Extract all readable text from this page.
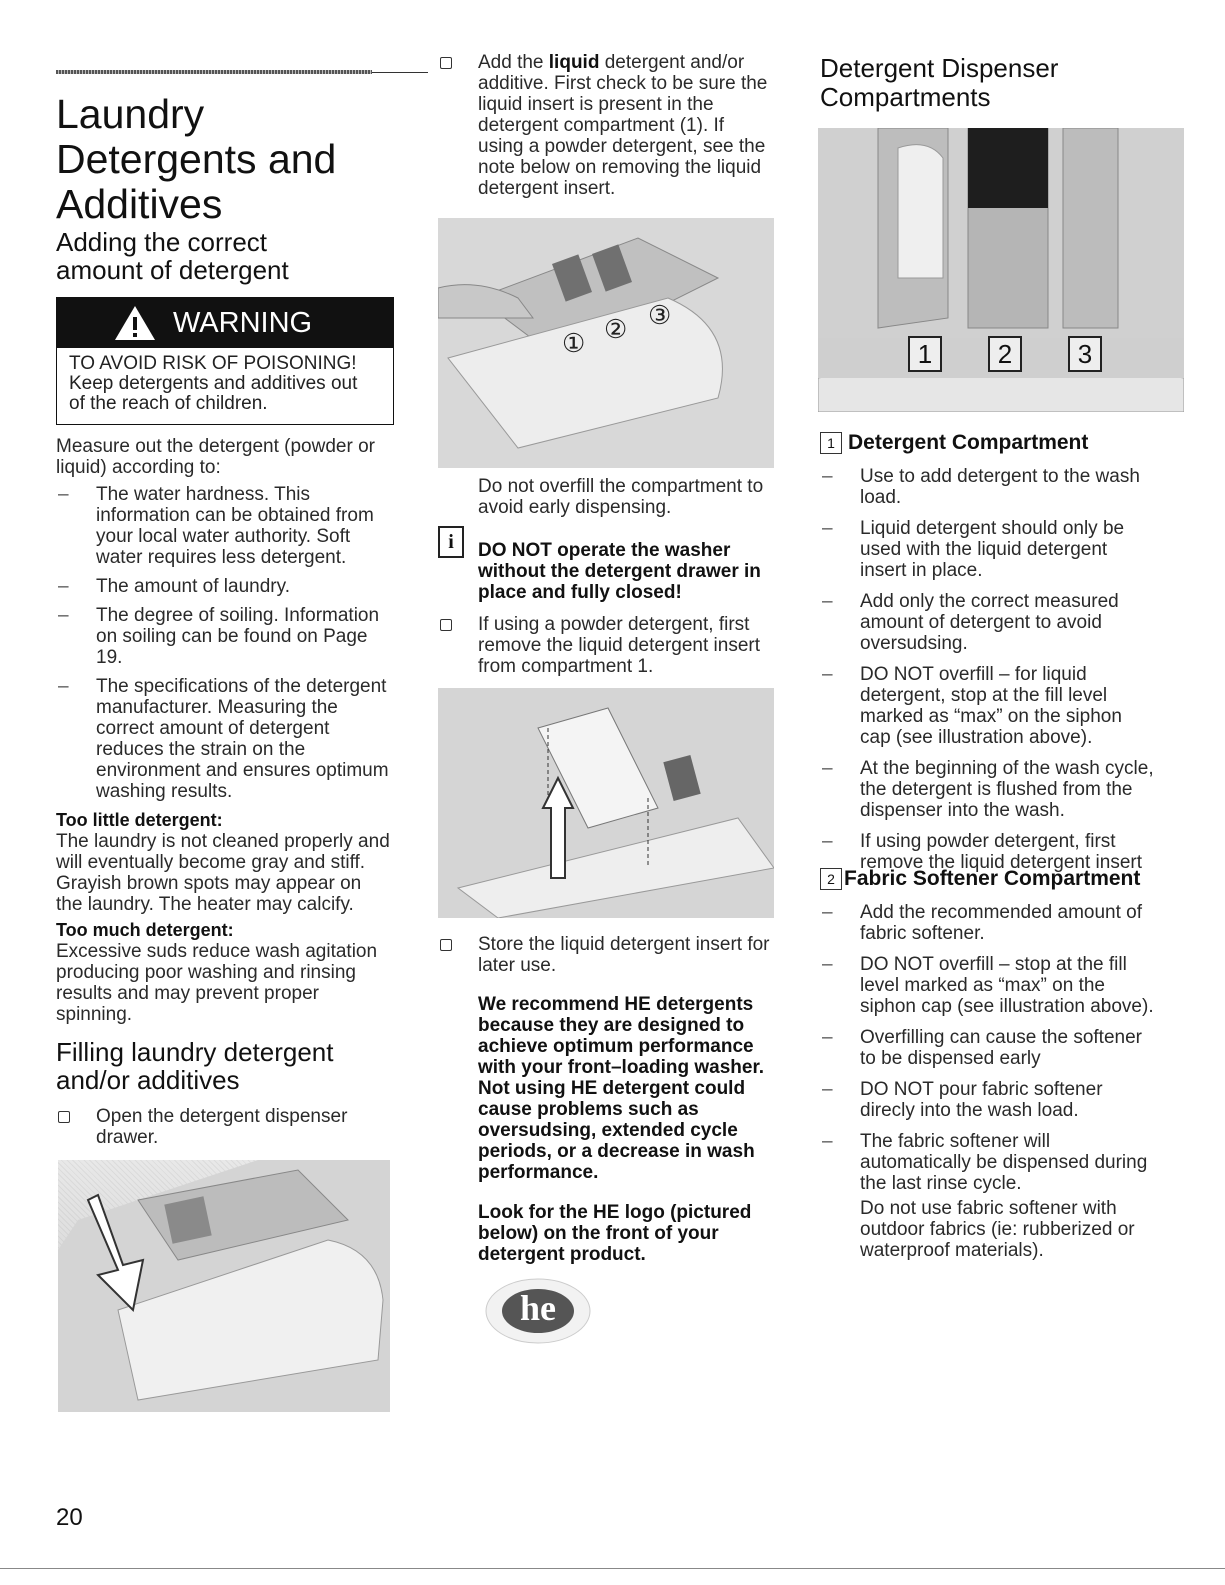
Laundry
Detergents and
Additives
Adding the correct
amount of detergent
WARNING
TO AVOID RISK OF POISONING!
Keep detergents and additives out
of the reach of children.
Measure out the detergent (powder or
liquid) according to:
– The water hardness. This
information can be obtained from
your local water authority. Soft
water requires less detergent.
– The amount of laundry.
– The degree of soiling. Information
on soiling can be found on Page
19.
– The specifications of the detergent
manufacturer. Measuring the
correct amount of detergent
reduces the strain on the
environment and ensures optimum
washing results.
Too little detergent:
The laundry is not cleaned properly and
will eventually become gray and stiff.
Grayish brown spots may appear on
the laundry. The heater may calcify.
Too much detergent:
Excessive suds reduce wash agitation
producing poor washing and rinsing
results and may prevent proper
spinning.
Filling laundry detergent
and/or additives
Open the detergent dispenser
drawer.
Add the liquid detergent and/or
additive. First check to be sure the
liquid insert is present in the
detergent compartment (1). If
using a powder detergent, see the
note below on removing the liquid
detergent insert.
① ② ③
Do not overfill the compartment to
avoid early dispensing.
i	DO NOT operate the washer
without the detergent drawer in
place and fully closed!
If using a powder detergent, first
remove the liquid detergent insert
from compartment 1.
Store the liquid detergent insert for
later use.
We recommend HE detergents
because they are designed to
achieve optimum performance
with your front–loading washer.
Not using HE detergent could
cause problems such as
oversudsing, extended cycle
periods, or a decrease in wash
performance.
Look for the HE logo (pictured
below) on the front of your
detergent product.
he
Detergent Dispenser
Compartments
1	2	3
1 Detergent Compartment
– Use to add detergent to the wash
load.
– Liquid detergent should only be
used with the liquid detergent
insert in place.
– Add only the correct measured
amount of detergent to avoid
oversudsing.
– DO NOT overfill – for liquid
detergent, stop at the fill level
marked as “max” on the siphon
cap (see illustration above).
– At the beginning of the wash cycle,
the detergent is flushed from the
dispenser into the wash.
– If using powder detergent, first
remove the liquid detergent insert
2 Fabric Softener Compartment
– Add the recommended amount of
fabric softener.
– DO NOT overfill – stop at the fill
level marked as “max” on the
siphon cap (see illustration above).
– Overfilling can cause the softener
to be dispensed early
– DO NOT pour fabric softener
direcly into the wash load.
– The fabric softener will
automatically be dispensed during
the last rinse cycle.
Do not use fabric softener with
outdoor fabrics (ie: rubberized or
waterproof materials).
20
